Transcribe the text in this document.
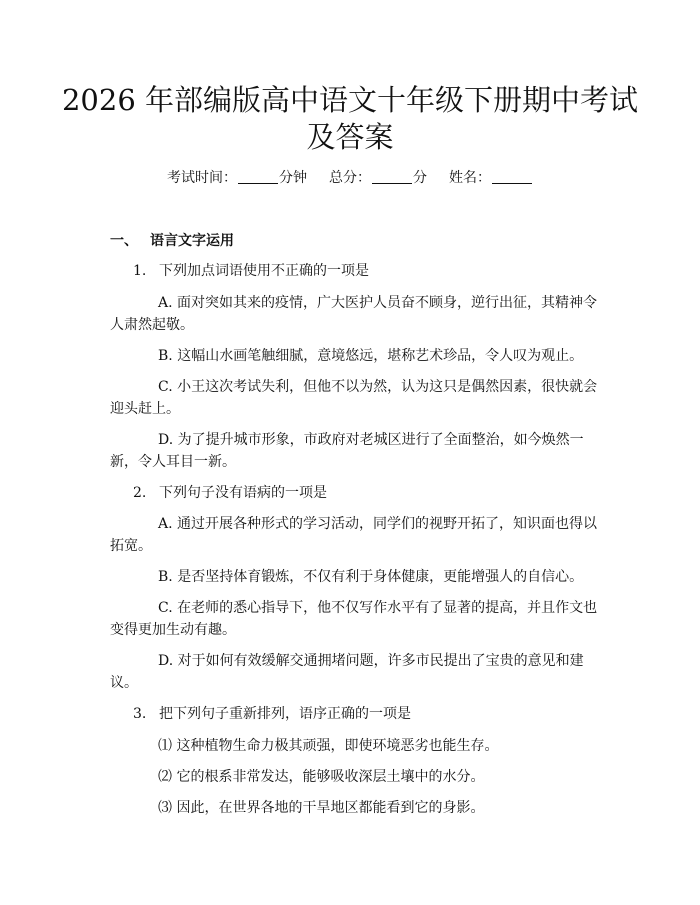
2026 年部编版高中语文十年级下册期中考试
及答案
考试时间：	分钟 总分：	分 姓名：
一、 语言文字运用
1. 下列加点词语使用不正确的一项是
A. 面对突如其来的疫情，广大医护人员奋不顾身，逆行出征，其精神令
人肃然起敬。
B. 这幅山水画笔触细腻，意境悠远，堪称艺术珍品，令人叹为观止。
C. 小王这次考试失利，但他不以为然，认为这只是偶然因素，很快就会
迎头赶上。
D. 为了提升城市形象，市政府对老城区进行了全面整治，如今焕然一
新，令人耳目一新。
2. 下列句子没有语病的一项是
A. 通过开展各种形式的学习活动，同学们的视野开拓了，知识面也得以
拓宽。
B. 是否坚持体育锻炼，不仅有利于身体健康，更能增强人的自信心。
C. 在老师的悉心指导下，他不仅写作水平有了显著的提高，并且作文也
变得更加生动有趣。
D. 对于如何有效缓解交通拥堵问题，许多市民提出了宝贵的意见和建
议。
3. 把下列句子重新排列，语序正确的一项是
⑴ 这种植物生命力极其顽强，即使环境恶劣也能生存。
⑵ 它的根系非常发达，能够吸收深层土壤中的水分。
⑶ 因此，在世界各地的干旱地区都能看到它的身影。
